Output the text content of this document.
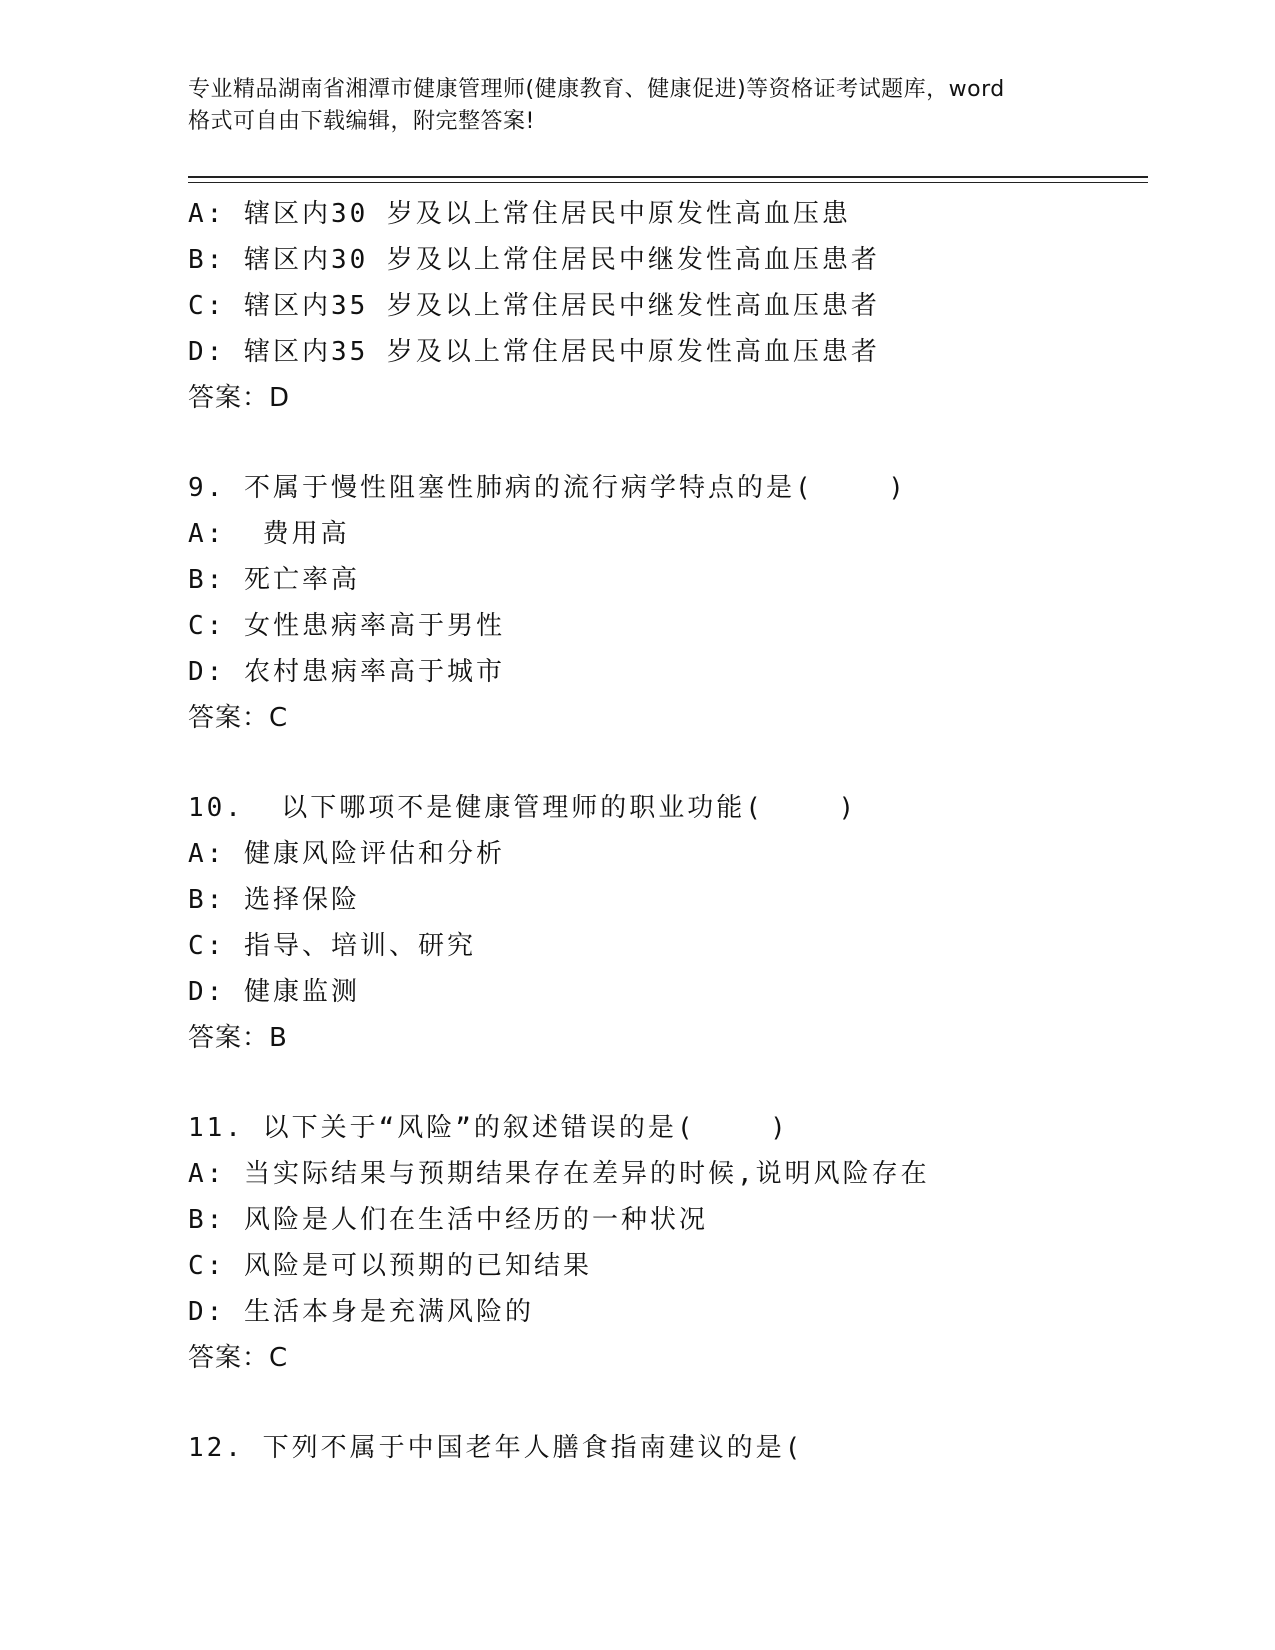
专业精品湖南省湘潭市健康管理师(健康教育、健康促进)等资格证考试题库，word
格式可自由下载编辑，附完整答案!
A: 辖区内30 岁及以上常住居民中原发性高血压患
B: 辖区内30 岁及以上常住居民中继发性高血压患者
C: 辖区内35 岁及以上常住居民中继发性高血压患者
D: 辖区内35 岁及以上常住居民中原发性高血压患者
答案：D
9. 不属于慢性阻塞性肺病的流行病学特点的是(    )
A:  费用高
B: 死亡率高
C: 女性患病率高于男性
D: 农村患病率高于城市
答案：C
10.  以下哪项不是健康管理师的职业功能(    )
A: 健康风险评估和分析
B: 选择保险
C: 指导、培训、研究
D: 健康监测
答案：B
11. 以下关于“风险”的叙述错误的是(    )
A: 当实际结果与预期结果存在差异的时候,说明风险存在
B: 风险是人们在生活中经历的一种状况
C: 风险是可以预期的已知结果
D: 生活本身是充满风险的
答案：C
12. 下列不属于中国老年人膳食指南建议的是(
